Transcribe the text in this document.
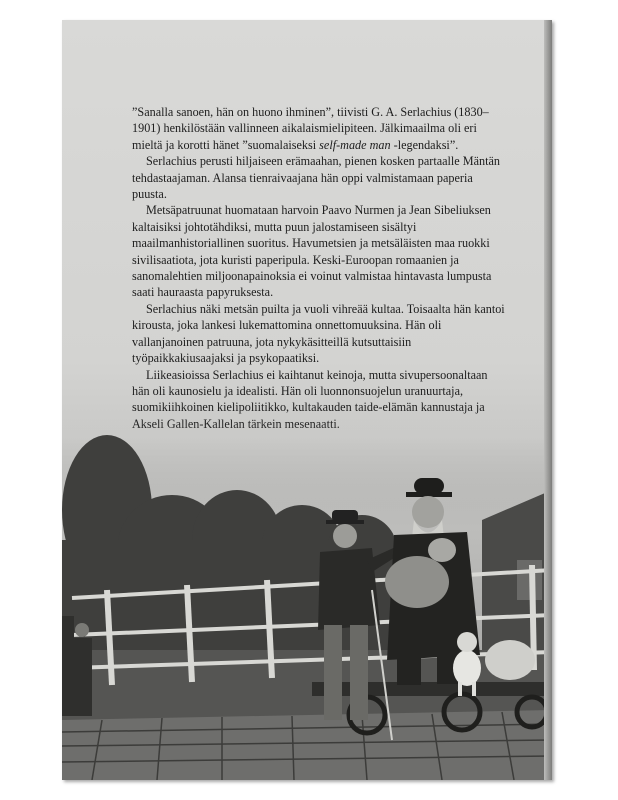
”Sanalla sanoen, hän on huono ihminen”, tiivisti G. A. Serlachius (1830–1901) henkilöstään vallinneen aikalaismielipiteen. Jälkimaailma oli eri mieltä ja korotti hänet ”suomalaiseksi self-made man -legendaksi”.

Serlachius perusti hiljaiseen erämaahan, pienen kosken partaalle Mäntän tehdastaajaman. Alansa tienraivaajana hän oppi valmistamaan paperia puusta.

Metsäpatruunat huomataan harvoin Paavo Nurmen ja Jean Sibeliuksen kaltaisiksi johtotähdiksi, mutta puun jalostamiseen sisältyi maailmanhistoriallinen suoritus. Havumetsien ja metsäläisten maa ruokki sivilisaatiota, jota kuristi paperipula. Keski-Euroopan romaanien ja sanomalehtien miljoonapainoksia ei voinut valmistaa hintavasta lumpusta saati hauraasta papyruksesta.

Serlachius näki metsän puilta ja vuoli vihreää kultaa. Toisaalta hän kantoi kirousta, joka lankesi lukemattomina onnettomuuksina. Hän oli vallanjanoinen patruuna, jota nykykäsitteillä kutsuttaisiin työpaikkakiusaajaksi ja psykopaatiksi.

Liikeasioissa Serlachius ei kaihtanut keinoja, mutta sivupersoonaltaan hän oli kaunosielu ja idealisti. Hän oli luonnonsuojelun uranuurtaja, suomikiihkoinen kielipoliitikko, kultakauden taide-elämän kannustaja ja
